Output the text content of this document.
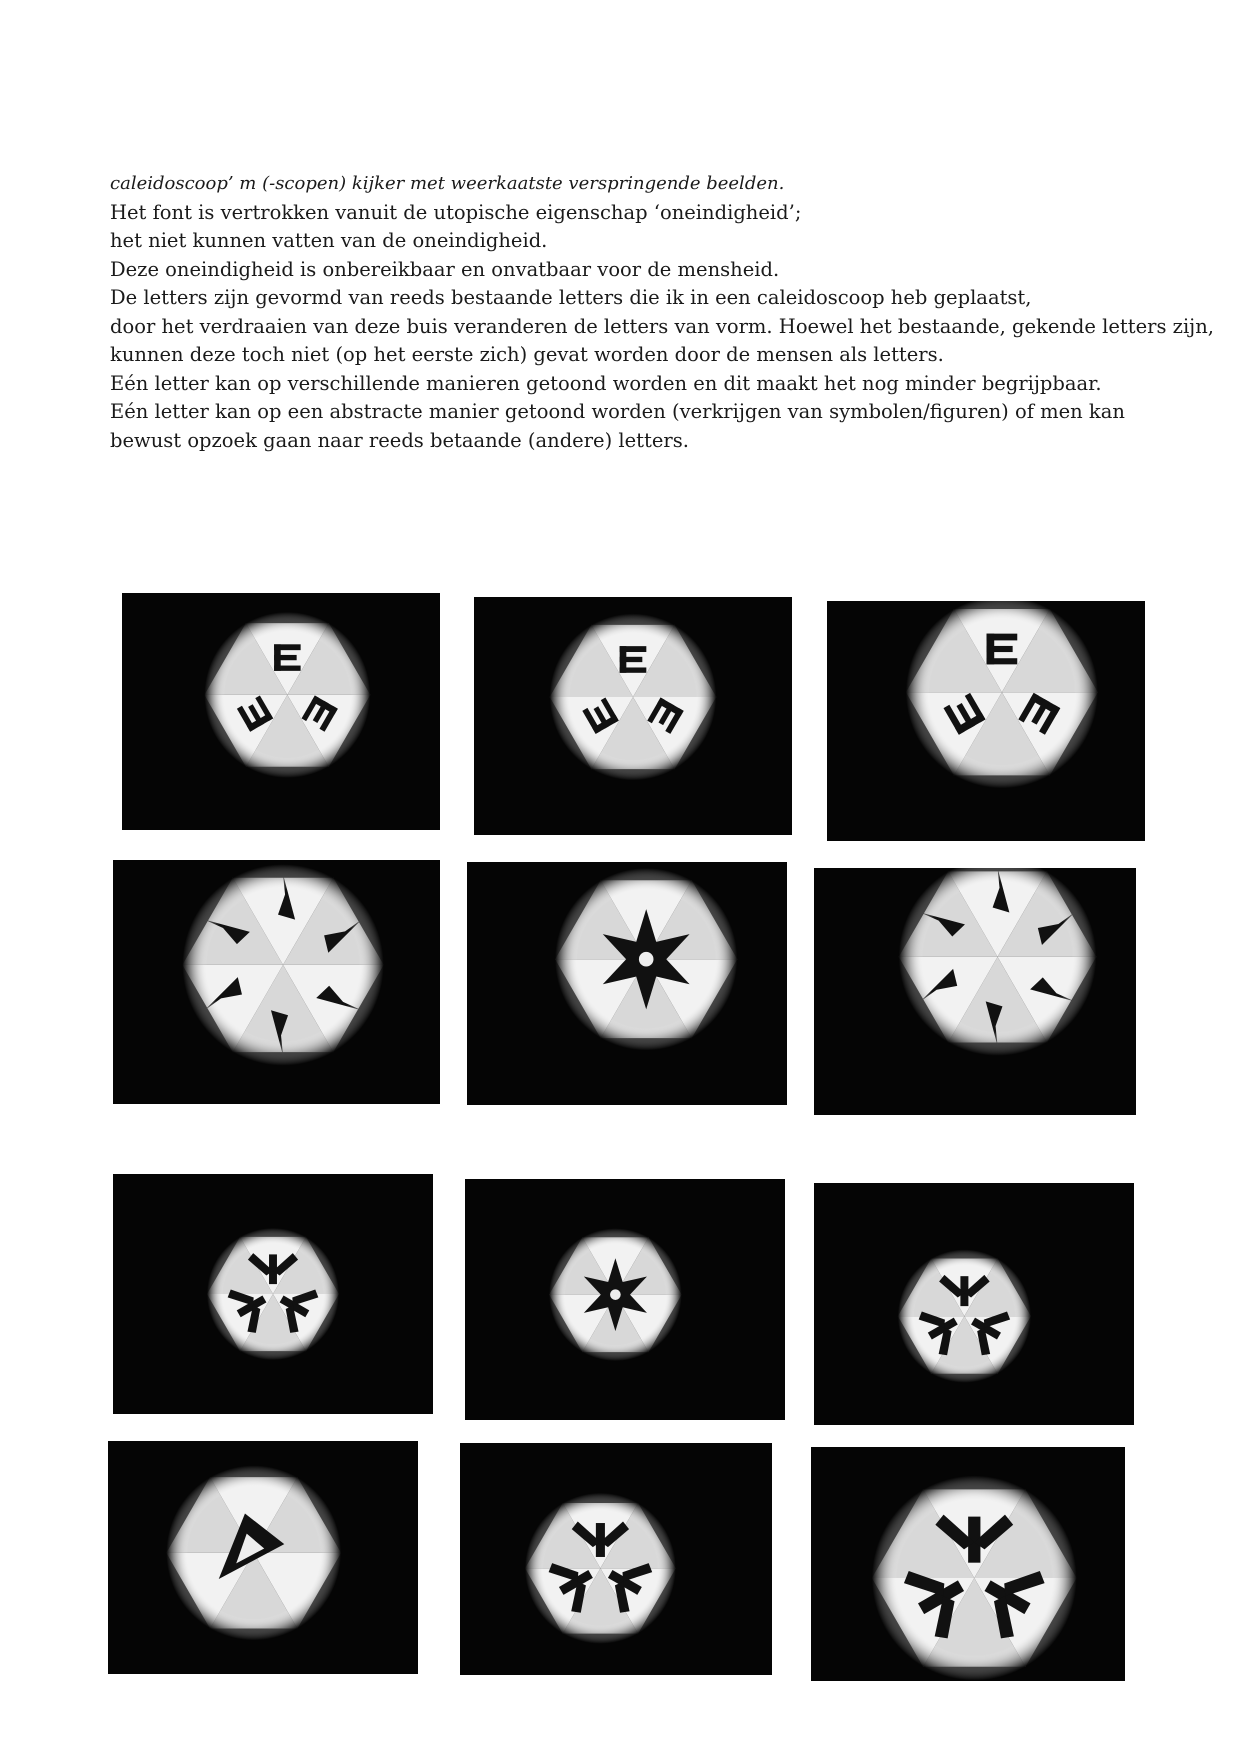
caleidoscoop’ m (-scopen) kijker met weerkaatste verspringende beelden.
Het font is vertrokken vanuit de utopische eigenschap ‘oneindigheid’;
het niet kunnen vatten van de oneindigheid.
Deze oneindigheid is onbereikbaar en onvatbaar voor de mensheid.
De letters zijn gevormd van reeds bestaande letters die ik in een caleidoscoop heb geplaatst,
door het verdraaien van deze buis veranderen de letters van vorm. Hoewel het bestaande, gekende letters zijn,
kunnen deze toch niet (op het eerste zich) gevat worden door de mensen als letters.
Eén letter kan op verschillende manieren getoond worden en dit maakt het nog minder begrijpbaar.
Eén letter kan op een abstracte manier getoond worden (verkrijgen van symbolen/figuren) of men kan
bewust opzoek gaan naar reeds betaande (andere) letters.
